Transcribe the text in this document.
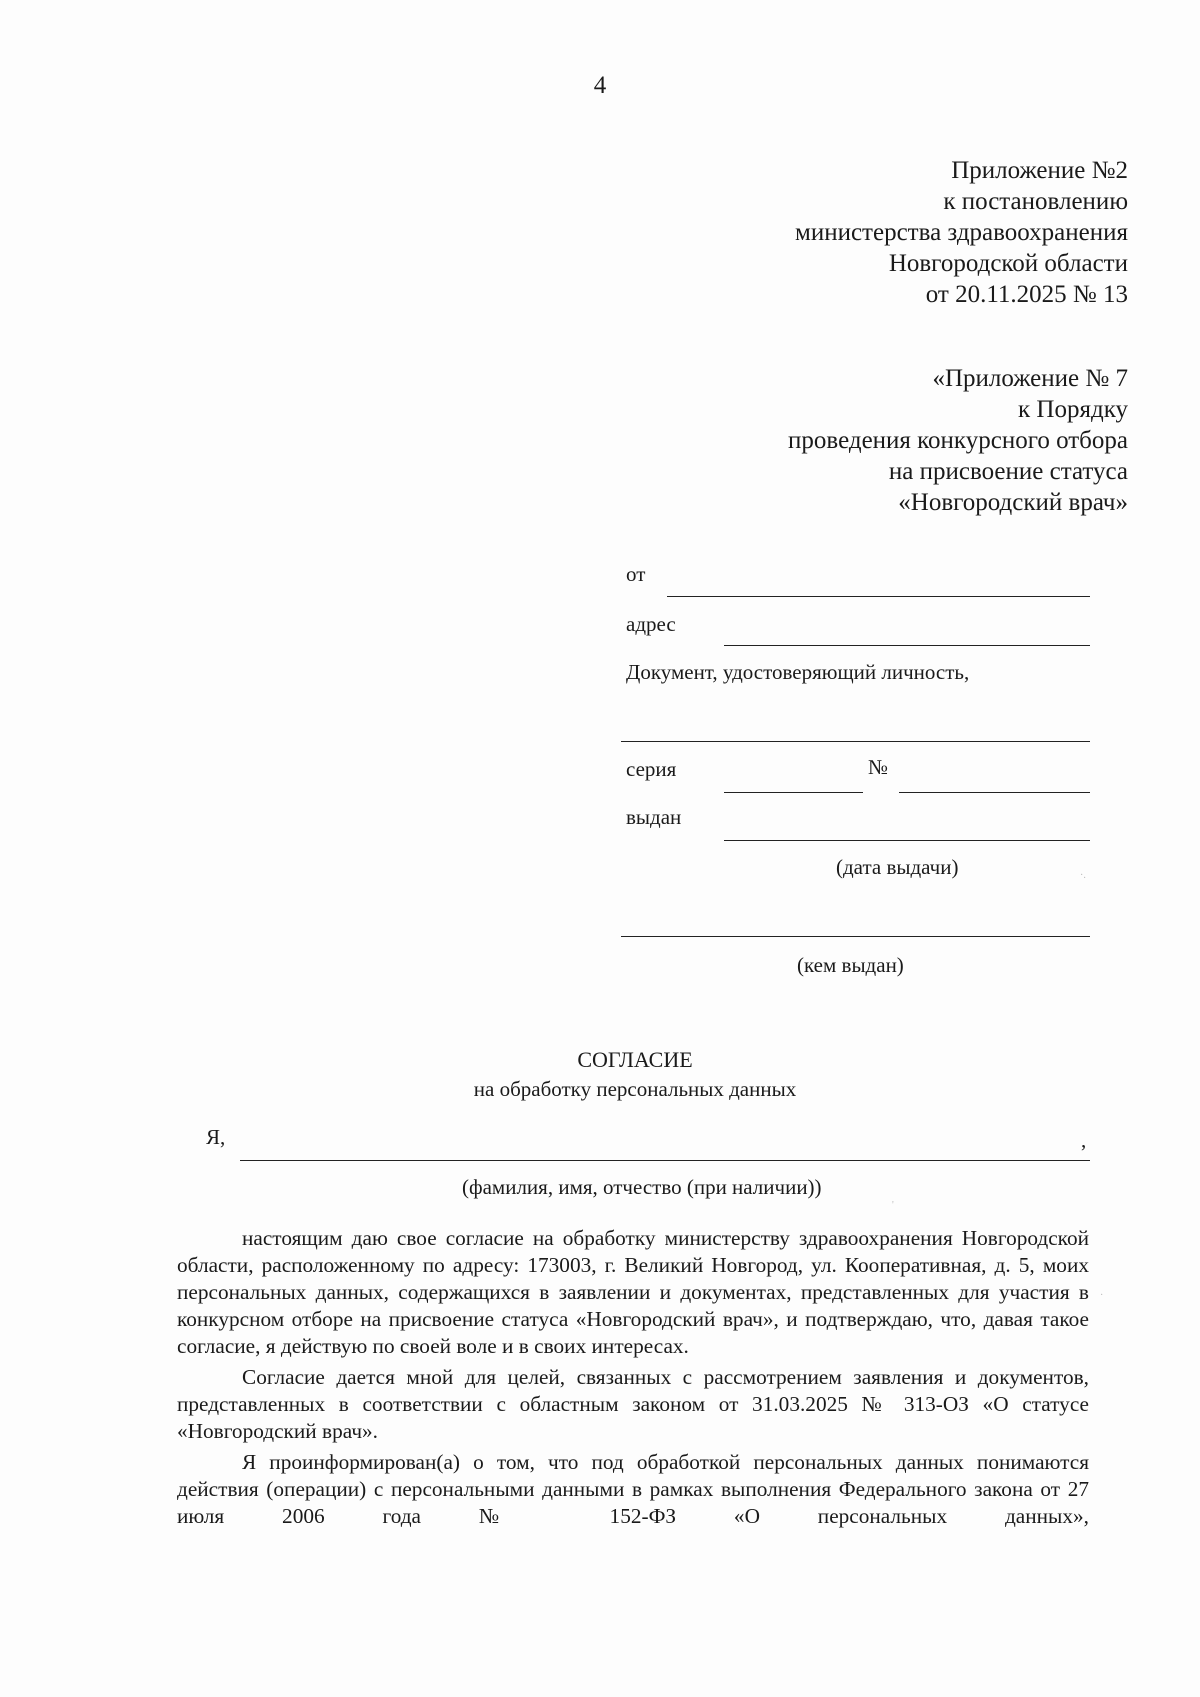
4
Приложение №2
к постановлению
министерства здравоохранения
Новгородской области
от 20.11.2025 № 13
«Приложение № 7
к Порядку
проведения конкурсного отбора
на присвоение статуса
«Новгородский врач»
от
адрес
Документ, удостоверяющий личность,
серия	№
выдан
(дата выдачи)
(кем выдан)
СОГЛАСИЕ
на обработку персональных данных
Я,	,
(фамилия, имя, отчество (при наличии))

настоящим даю свое согласие на обработку министерству здравоохранения Новгородской области, расположенному по адресу: 173003, г. Великий Новгород, ул. Кооперативная, д. 5, моих персональных данных, содержащихся в заявлении и документах, представленных для участия в конкурсном отборе на присвоение статуса «Новгородский врач», и подтверждаю, что, давая такое согласие, я действую по своей воле и в своих интересах.

Согласие дается мной для целей, связанных с рассмотрением заявления и документов, представленных в соответствии с областным законом от 31.03.2025 № 313-ОЗ «О статусе «Новгородский врач».

Я проинформирован(а) о том, что под обработкой персональных данных понимаются действия (операции) с персональными данными в рамках выполнения Федерального закона от 27 июля 2006 года № 152-ФЗ «О персональных данных»,

'
·
·.
